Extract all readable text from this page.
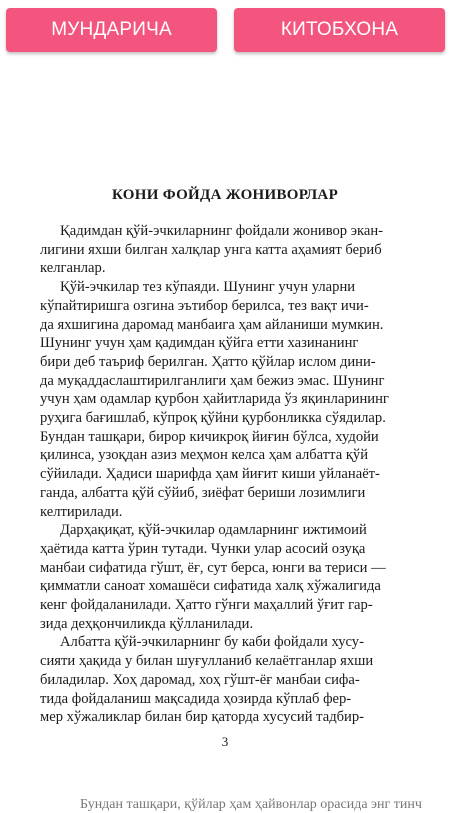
МУНДАРИЧА	КИТОБХОНА
КОНИ ФОЙДА ЖОНИВОРЛАР

Қадимдан қўй-эчкиларнинг фойдали жонивор экан-
лигини яхши билган халқлар унга катта аҳамият бериб
келганлар.

Қўй-эчкилар тез кўпаяди. Шунинг учун уларни
кўпайтиришга озгина эътибор берилса, тез вақт ичи-
да яхшигина даромад манбаига ҳам айланиши мумкин.
Шунинг учун ҳам қадимдан қўйга етти хазинанинг
бири деб таъриф берилган. Ҳатто қўйлар ислом дини-
да муқаддаслаштирилганлиги ҳам бежиз эмас. Шунинг
учун ҳам одамлар қурбон ҳайитларида ўз яқинларининг
руҳига бағишлаб, кўпроқ қўйни қурбонликка сўядилар.
Бундан ташқари, бирор кичикроқ йиғин бўлса, худойи
қилинса, узоқдан азиз меҳмон келса ҳам албатта қўй
сўйилади. Ҳадиси шарифда ҳам йиғит киши уйланаёт-
ганда, албатта қўй сўйиб, зиёфат бериши лозимлиги
келтирилади.

Дарҳақиқат, қўй-эчкилар одамларнинг ижтимоий
ҳаётида катта ўрин тутади. Чунки улар асосий озуқа
манбаи сифатида гўшт, ёғ, сут берса, юнги ва териси —
қимматли саноат хомашёси сифатида халқ хўжалигида
кенг фойдаланилади. Ҳатто гўнги маҳаллий ўғит гар-
зида деҳқончиликда қўлланилади.

Албатта қўй-эчкиларнинг бу каби фойдали хусу-
сияти ҳақида у билан шуғулланиб келаётганлар яхши
биладилар. Хоҳ даромад, хоҳ гўшт-ёғ манбаи сифа-
тида фойдаланиш мақсадида ҳозирда кўплаб фер-
мер хўжаликлар билан бир қаторда хусусий тадбир-

3
Бундан ташқари, қўйлар ҳам ҳайвонлар орасида энг тинч
